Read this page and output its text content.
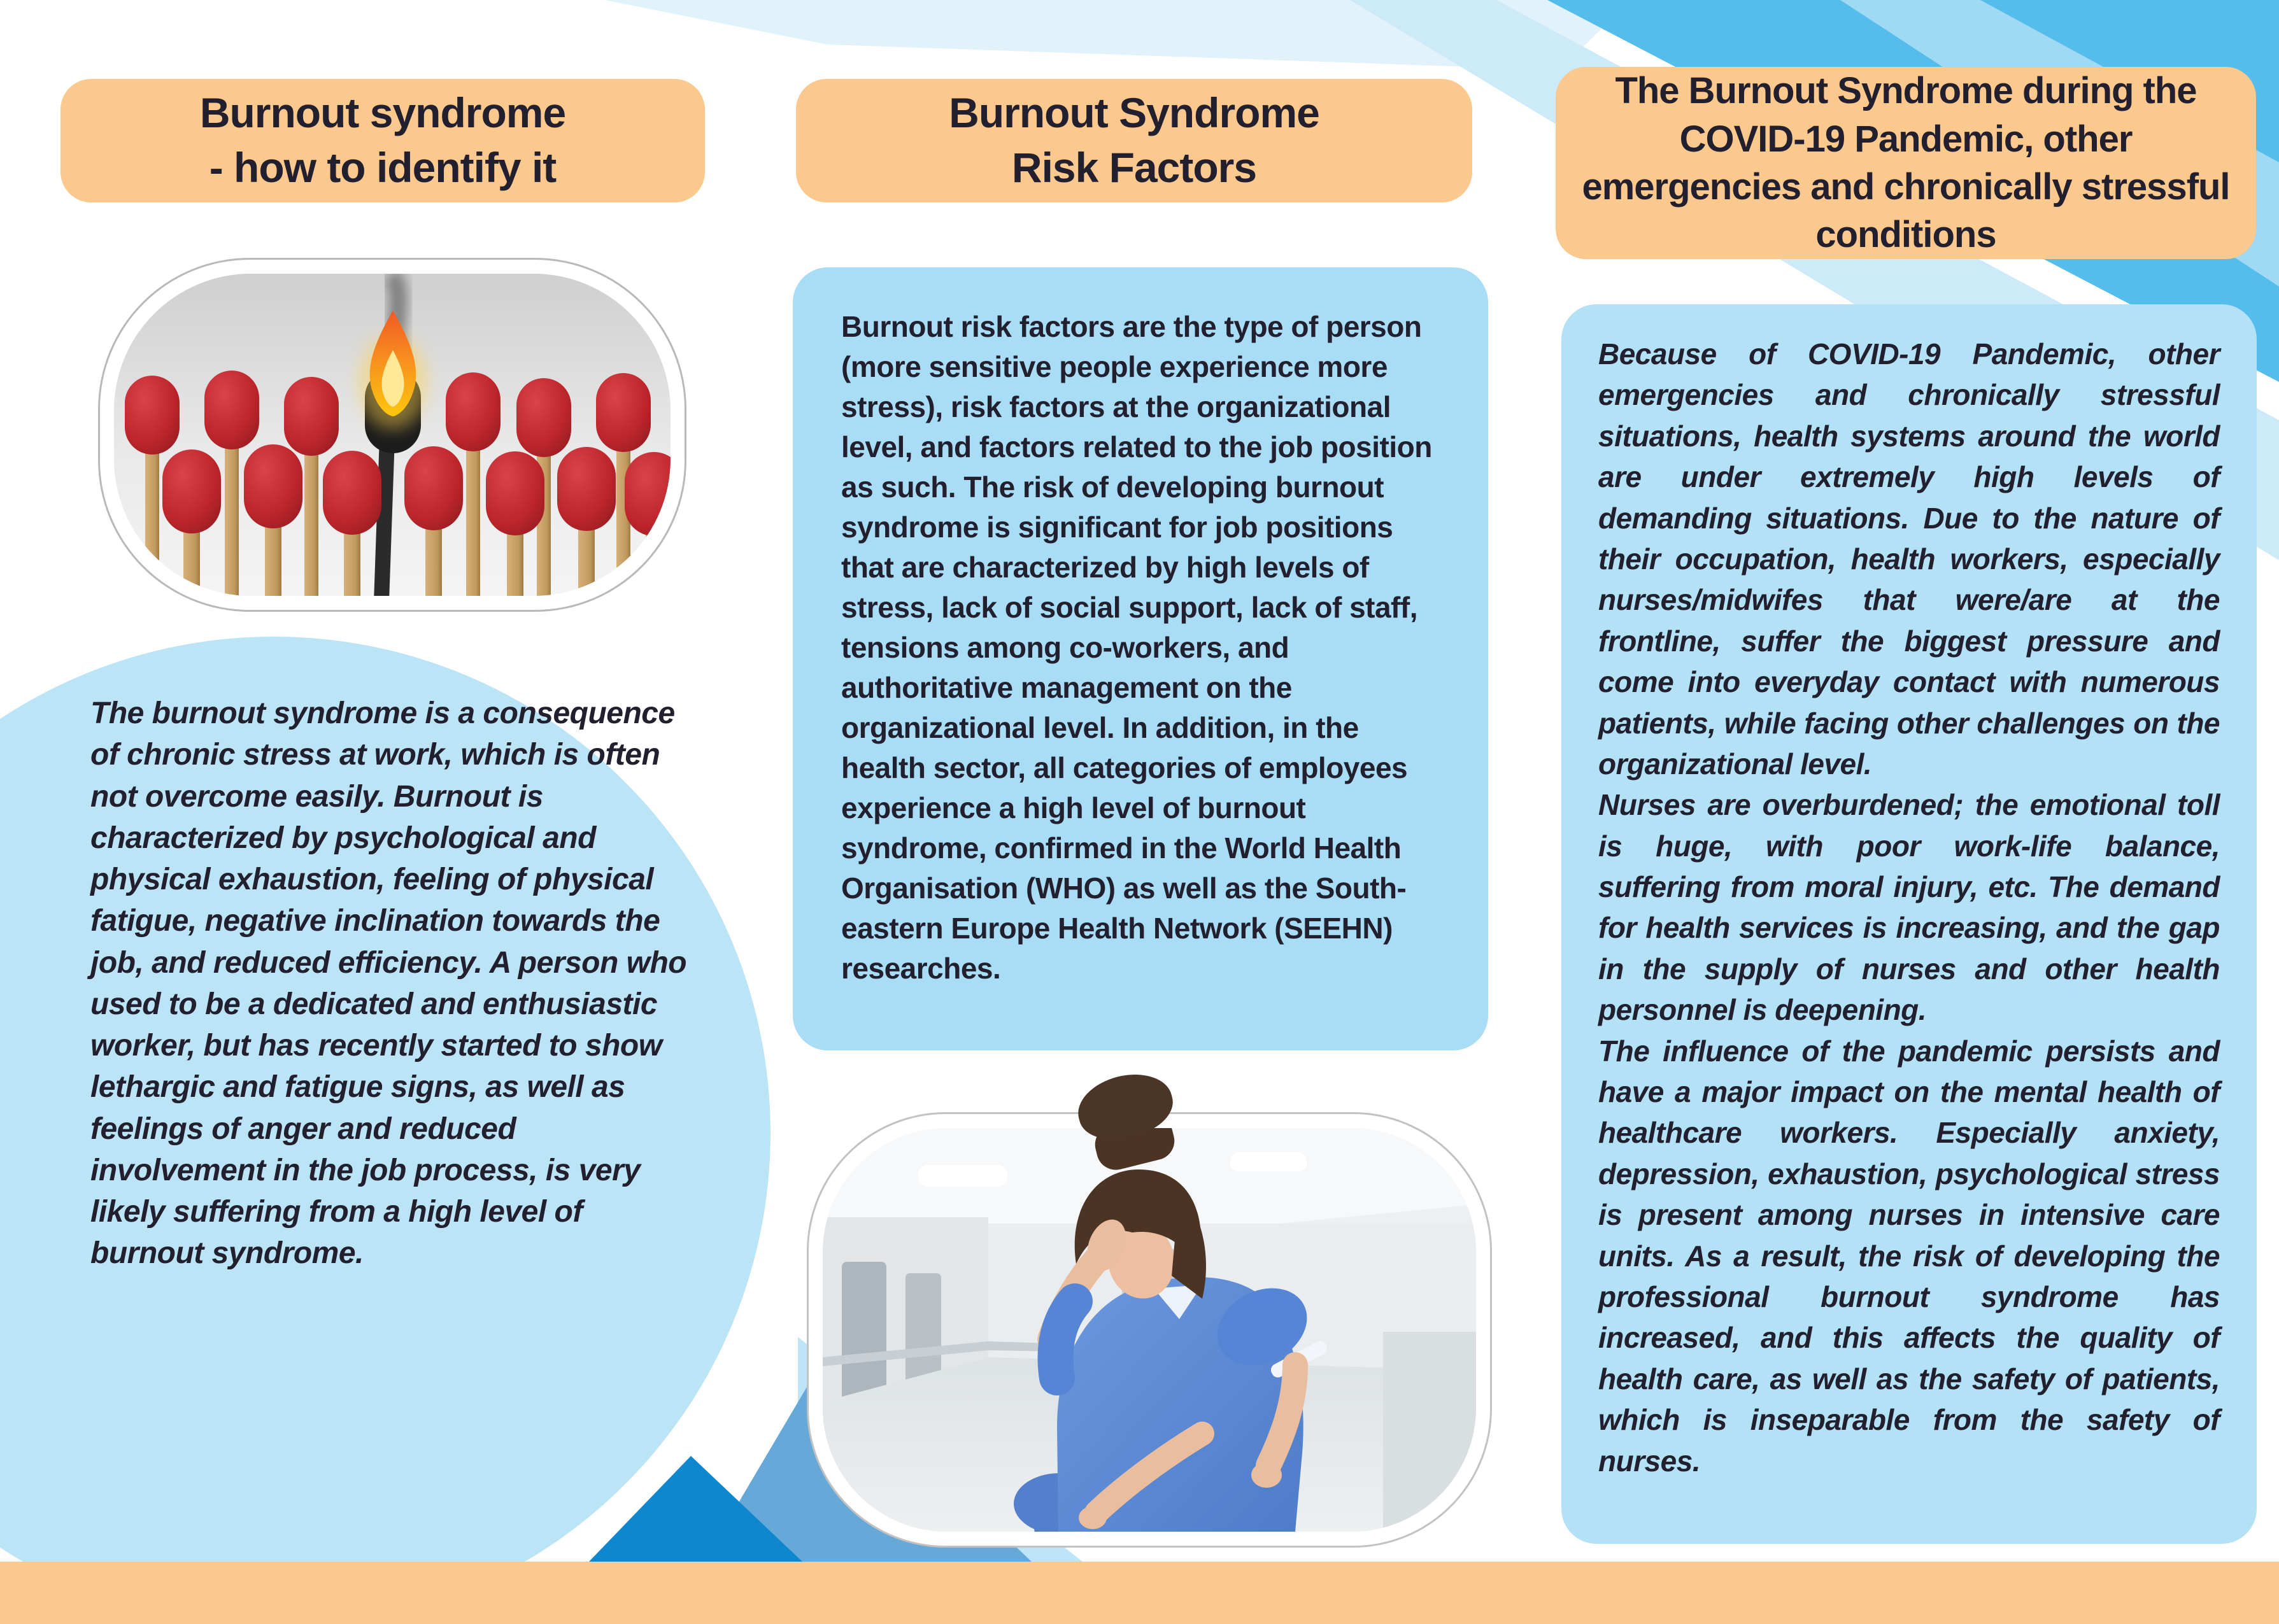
Burnout syndrome
- how to identify it
The burnout syndrome is a consequence of chronic stress at work, which is often not overcome easily. Burnout is characterized by psychological and physical exhaustion, feeling of physical fatigue, negative inclination towards the job, and reduced efficiency. A person who used to be a dedicated and enthusiastic worker, but has recently started to show lethargic and fatigue signs, as well as feelings of anger and reduced involvement in the job process, is very likely suffering from a high level of burnout syndrome.
Burnout Syndrome
Risk Factors
Burnout risk factors are the type of person (more sensitive people experience more stress), risk factors at the organizational level, and factors related to the job position as such. The risk of developing burnout syndrome is significant for job positions that are characterized by high levels of stress, lack of social support, lack of staff, tensions among co-workers, and authoritative management on the organizational level. In addition, in the health sector, all categories of employees experience a high level of burnout syndrome, confirmed in the World Health Organisation (WHO) as well as the South-eastern Europe Health Network (SEEHN) researches.
The Burnout Syndrome during the COVID-19 Pandemic, other emergencies and chronically stressful conditions

Because of COVID-19 Pandemic, other emergencies and chronically stressful situations, health systems around the world are under extremely high levels of demanding situations. Due to the nature of their occupation, health workers, especially nurses/midwifes that were/are at the frontline, suffer the biggest pressure and come into everyday contact with numerous patients, while facing other challenges on the organizational level.

Nurses are overburdened; the emotional toll is huge, with poor work-life balance, suffering from moral injury, etc. The demand for health services is increasing, and the gap in the supply of nurses and other health personnel is deepening.

The influence of the pandemic persists and have a major impact on the mental health of healthcare workers. Especially anxiety, depression, exhaustion, psychological stress is present among nurses in intensive care units. As a result, the risk of developing the professional burnout syndrome has increased, and this affects the quality of health care, as well as the safety of patients, which is inseparable from the safety of nurses.
